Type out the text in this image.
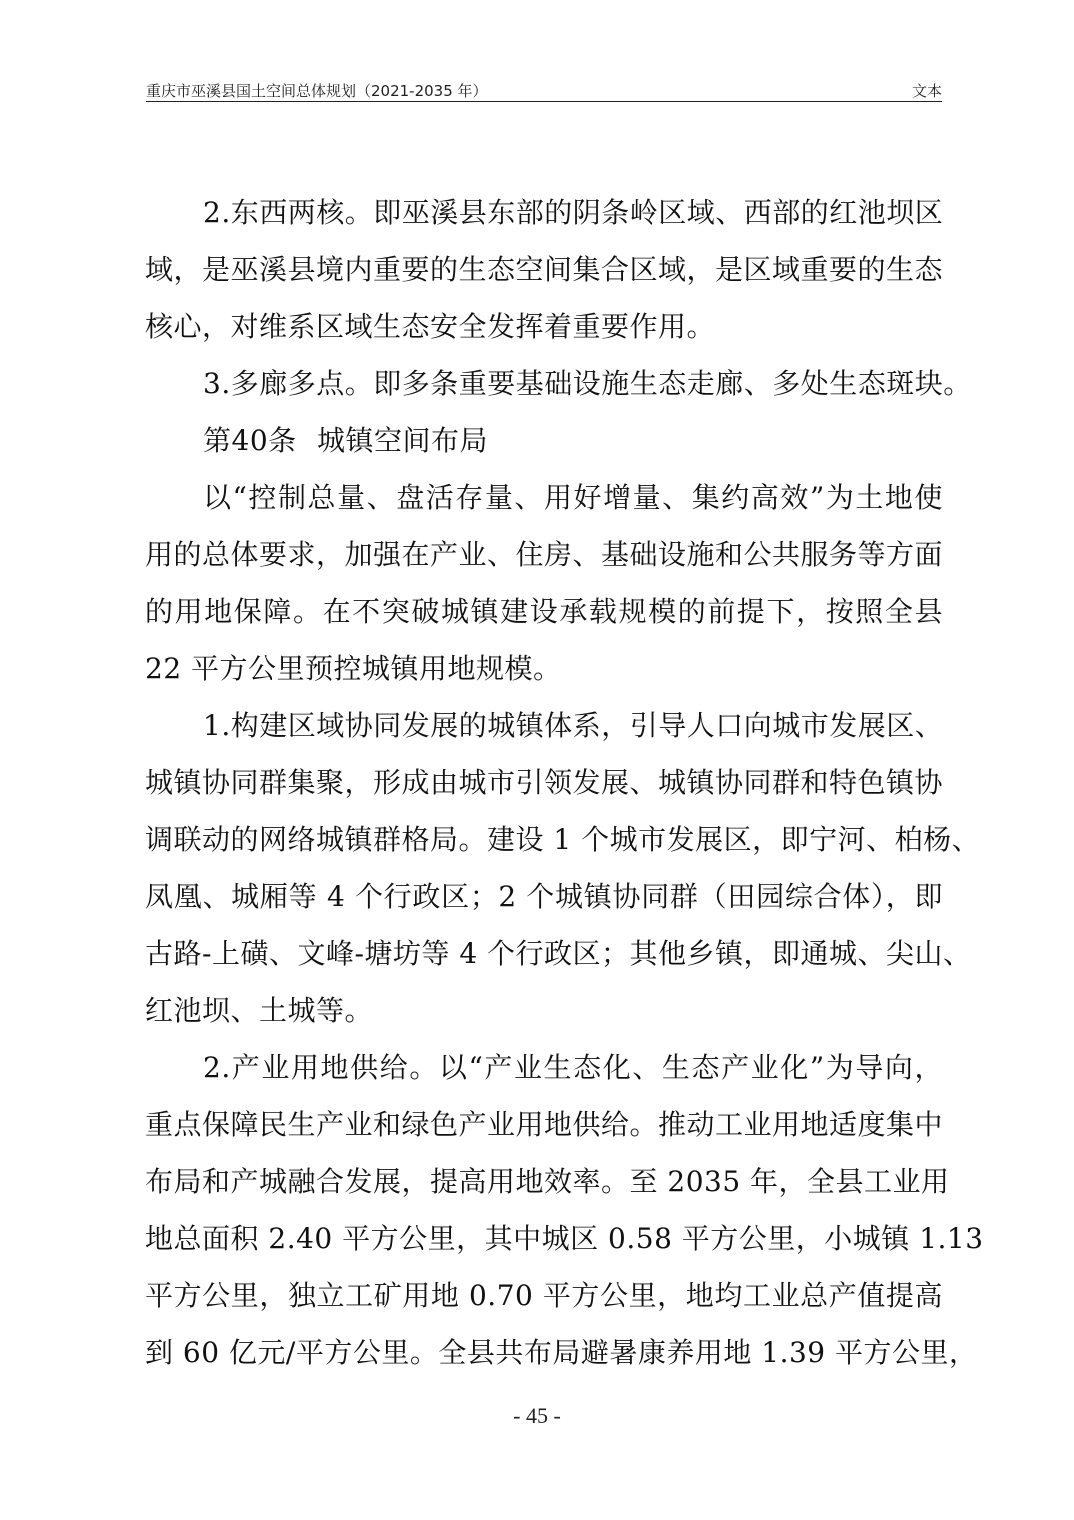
重庆市巫溪县国土空间总体规划（2021-2035 年）	文本
2.东西两核。即巫溪县东部的阴条岭区域、西部的红池坝区
域，是巫溪县境内重要的生态空间集合区域，是区域重要的生态
核心，对维系区域生态安全发挥着重要作用。
3.多廊多点。即多条重要基础设施生态走廊、多处生态斑块。
第40条 城镇空间布局
以“控制总量、盘活存量、用好增量、集约高效”为土地使
用的总体要求，加强在产业、住房、基础设施和公共服务等方面
的用地保障。在不突破城镇建设承载规模的前提下，按照全县
22 平方公里预控城镇用地规模。
1.构建区域协同发展的城镇体系，引导人口向城市发展区、
城镇协同群集聚，形成由城市引领发展、城镇协同群和特色镇协
调联动的网络城镇群格局。建设 1 个城市发展区，即宁河、柏杨、
凤凰、城厢等 4 个行政区；2 个城镇协同群（田园综合体），即
古路-上磺、文峰-塘坊等 4 个行政区；其他乡镇，即通城、尖山、
红池坝、土城等。
2.产业用地供给。以“产业生态化、生态产业化”为导向，
重点保障民生产业和绿色产业用地供给。推动工业用地适度集中
布局和产城融合发展，提高用地效率。至 2035 年，全县工业用
地总面积 2.40 平方公里，其中城区 0.58 平方公里，小城镇 1.13
平方公里，独立工矿用地 0.70 平方公里，地均工业总产值提高
到 60 亿元/平方公里。全县共布局避暑康养用地 1.39 平方公里，
- 45 -
